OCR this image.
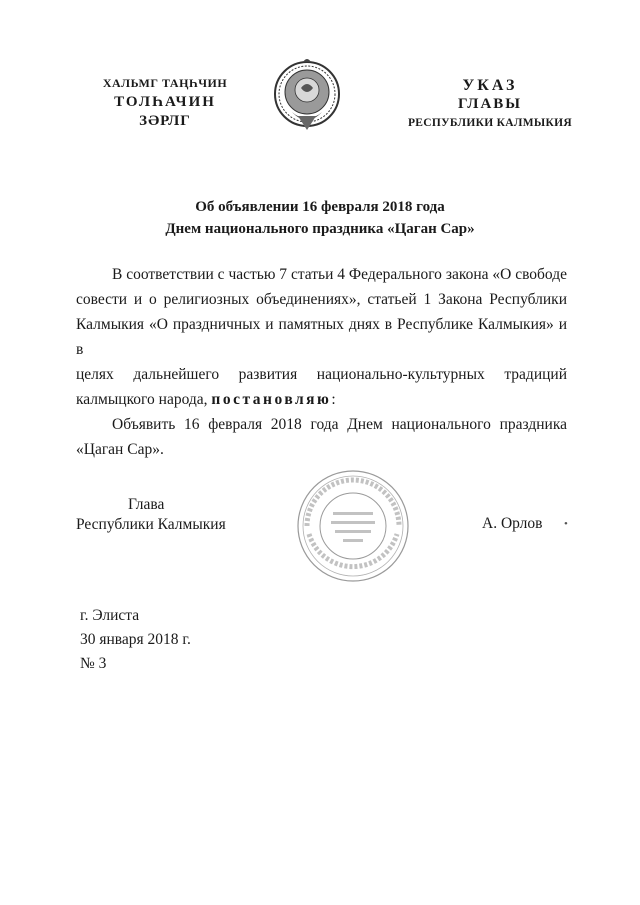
ХАЛЬМГ ТАҢҺЧИН
ТОЛҺАЧИН
ЗӘРЛГ
УКАЗ
ГЛАВЫ
РЕСПУБЛИКИ КАЛМЫКИЯ
Об объявлении 16 февраля 2018 года
Днем национального праздника «Цаган Сар»

В соответствии с частью 7 статьи 4 Федерального закона «О свободе

совести и о религиозных объединениях», статьей 1 Закона Республики

Калмыкия «О праздничных и памятных днях в Республике Калмыкия» и в

целях дальнейшего развития национально-культурных традиций

калмыцкого народа, постановляю:

Объявить 16 февраля 2018 года Днем национального праздника

«Цаган Сар».

Глава
Республики Калмыкия	А. Орлов •
г. Элиста
30 января 2018 г.
№ 3
